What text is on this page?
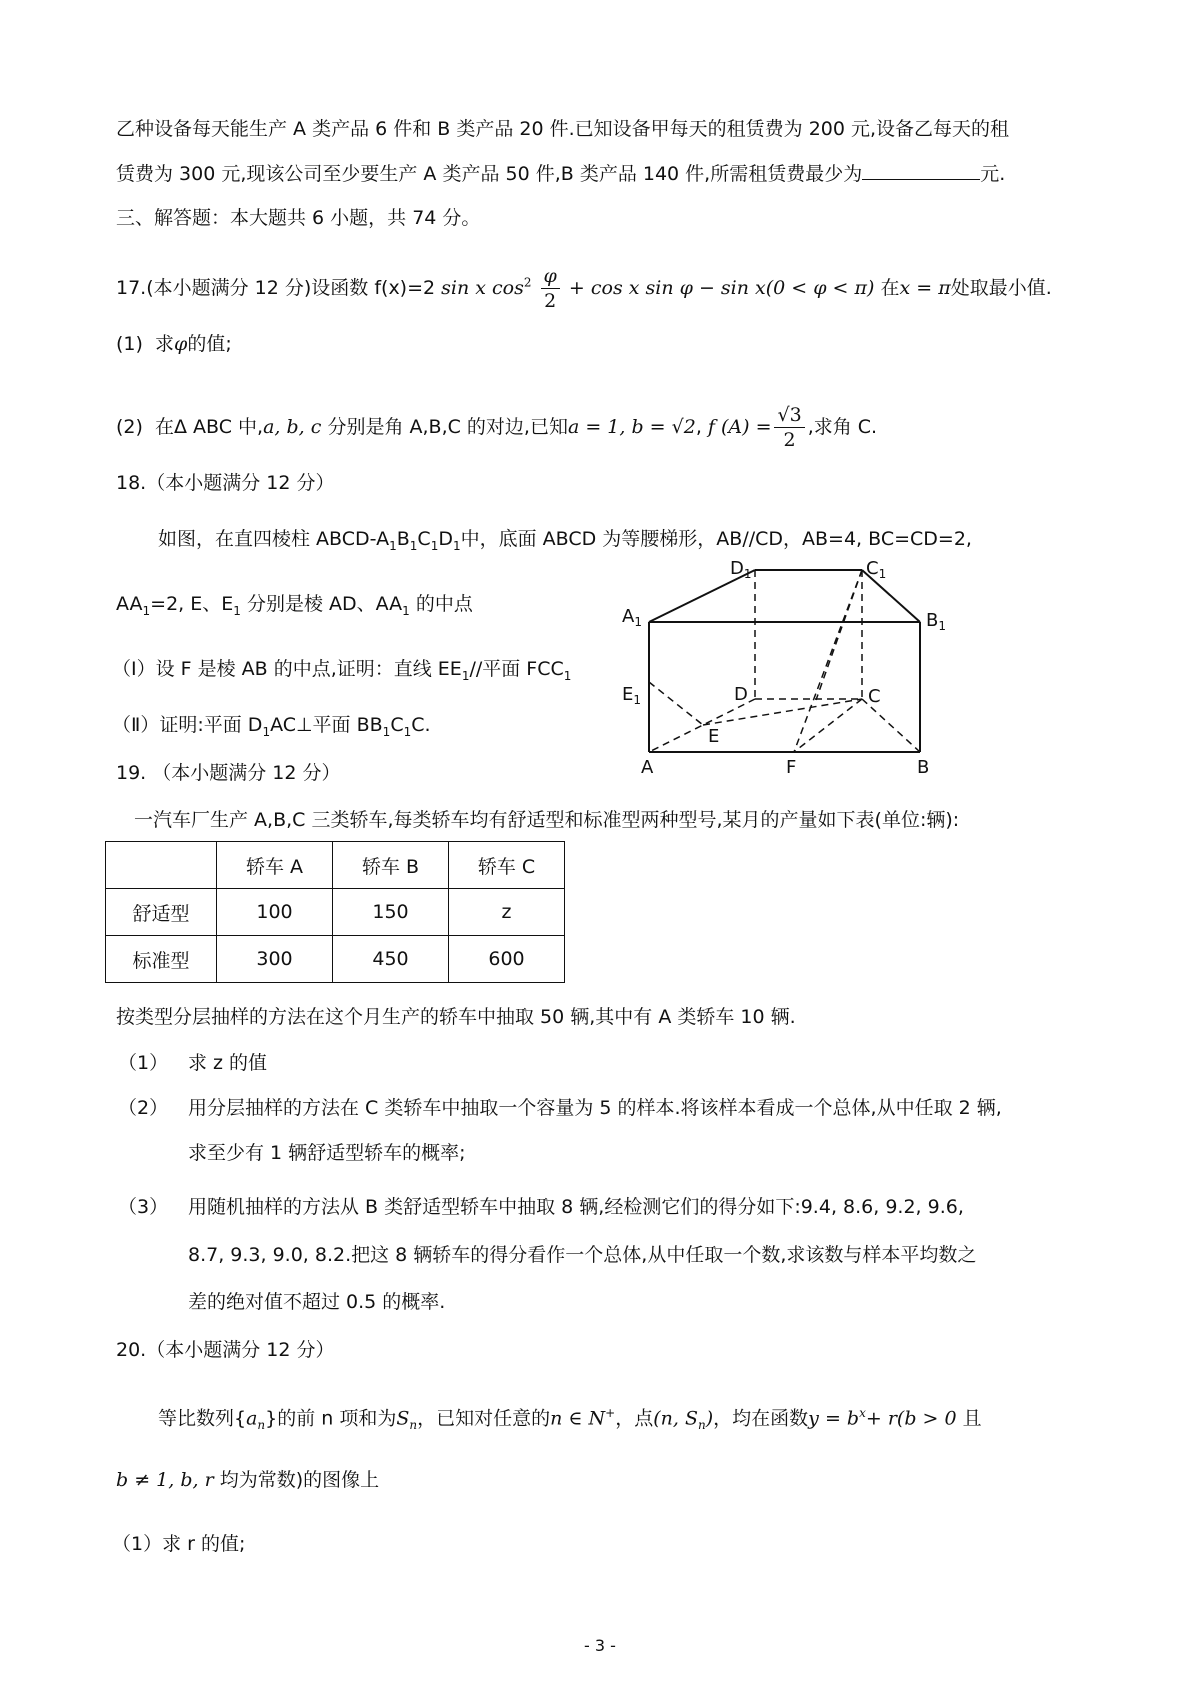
乙种设备每天能生产 A 类产品 6 件和 B 类产品 20 件.已知设备甲每天的租赁费为 200 元,设备乙每天的租
赁费为 300 元,现该公司至少要生产 A 类产品 50 件,B 类产品 140 件,所需租赁费最少为	元.
三、解答题：本大题共 6 小题，共 74 分。
17.(本小题满分 12 分)设函数 f(x)=2 sin x $\cos^2 \frac{\varphi}{2} + \cos x$ sin φ − sin x(0 < φ < π) 在x = π处取最小值.
(1) 求φ的值;
(2) 在Δ ABC 中,a, b, c 分别是角 A,B,C 的对边,已知a = 1, b = √2, f $(A) = \frac{√3}{2}$ ,求角 C.
18.（本小题满分 12 分）
如图，在直四棱柱 ABCD-$A_1B_1C_1D_1$中，底面 ABCD 为等腰梯形，AB//CD，AB=4, BC=CD=2,
$AA_1=2$, E、$E_1$ 分别是棱 AD、$AA_1$ 的中点
（Ⅰ）设 F 是棱 AB 的中点,证明：直线 $EE_1//$平面 $FCC_1$
（Ⅱ）证明:平面 $D_1AC\perp$平面 $BB_1C_1C$.
$D_1$	$C_1$
$A_1$	$B_1$
$E_1$	D	C
E
A	F	B
19. （本小题满分 12 分）
一汽车厂生产 A,B,C 三类轿车,每类轿车均有舒适型和标准型两种型号,某月的产量如下表(单位:辆):
	轿车 A	轿车 B	轿车 C
舒适型	100	150	z
标准型	300	450	600
按类型分层抽样的方法在这个月生产的轿车中抽取 50 辆,其中有 A 类轿车 10 辆.
（1） 求 z 的值
（2） 用分层抽样的方法在 C 类轿车中抽取一个容量为 5 的样本.将该样本看成一个总体,从中任取 2 辆,
求至少有 1 辆舒适型轿车的概率;
（3） 用随机抽样的方法从 B 类舒适型轿车中抽取 8 辆,经检测它们的得分如下:9.4, 8.6, 9.2, 9.6,
8.7, 9.3, 9.0, 8.2.把这 8 辆轿车的得分看作一个总体,从中任取一个数,求该数与样本平均数之
差的绝对值不超过 0.5 的概率.
20.（本小题满分 12 分）
等比数列$\{a_n\}$的前 n 项和为$S_n$，已知对任意的n ∈ N+，点(n, $S_n$)，均在函数$y = b^x+ r(b > 0$ 且
b ≠ 1, b, r 均为常数)的图像上
（1）求 r 的值;
- 3 -
